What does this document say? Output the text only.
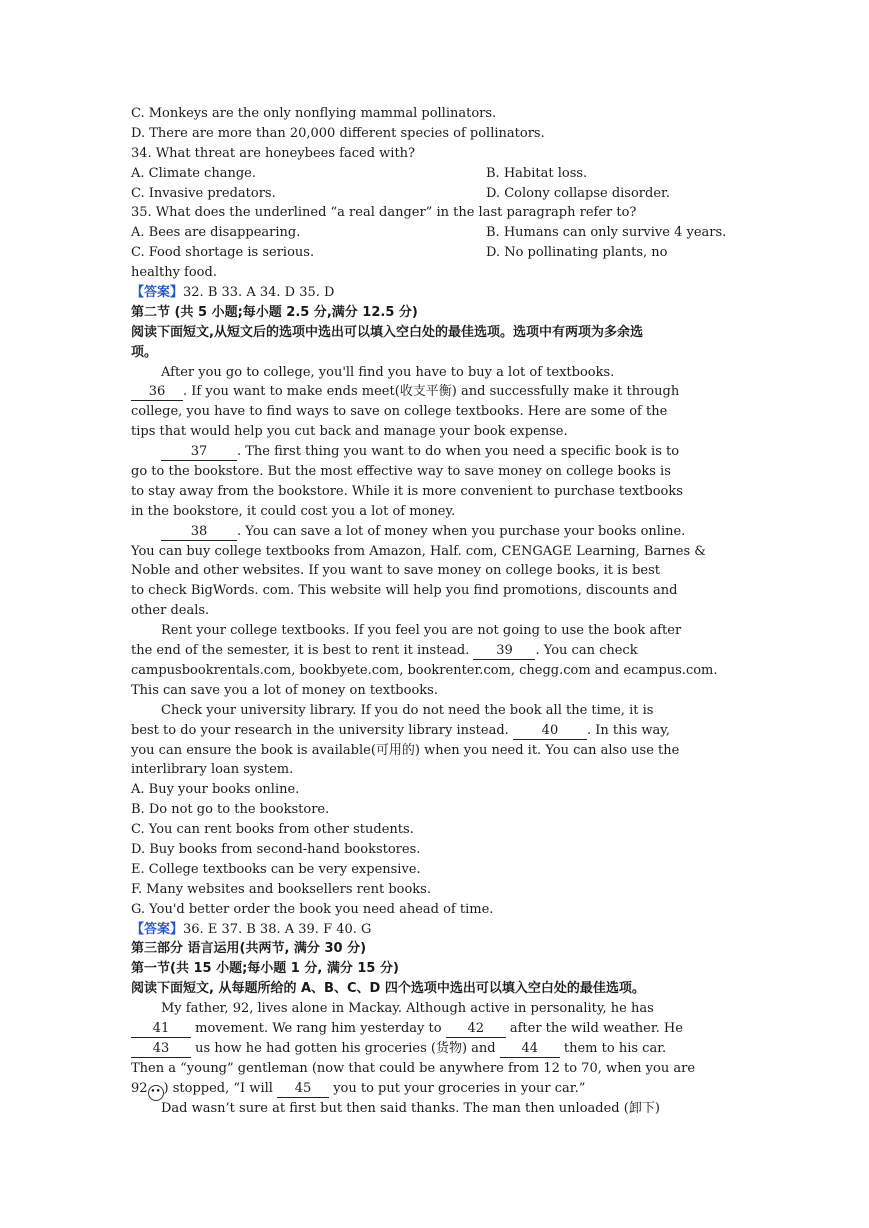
C. Monkeys are the only nonflying mammal pollinators.
D. There are more than 20,000 different species of pollinators.
34. What threat are honeybees faced with?
A. Climate change.	B. Habitat loss.
C. Invasive predators.	D. Colony collapse disorder.
35. What does the underlined “a real danger” in the last paragraph refer to?
A. Bees are disappearing.	B. Humans can only survive 4 years.
C. Food shortage is serious.	D. No pollinating plants, no
healthy food.
【答案】32. B 33. A 34. D 35. D
第二节 (共 5 小题;每小题 2.5 分,满分 12.5 分)
阅读下面短文,从短文后的选项中选出可以填入空白处的最佳选项。选项中有两项为多余选
项。
After you go to college, you'll find you have to buy a lot of textbooks.
36 . If you want to make ends meet(收支平衡) and successfully make it through
college, you have to find ways to save on college textbooks. Here are some of the
tips that would help you cut back and manage your book expense.
37 . The first thing you want to do when you need a specific book is to
go to the bookstore. But the most effective way to save money on college books is
to stay away from the bookstore. While it is more convenient to purchase textbooks
in the bookstore, it could cost you a lot of money.
38 . You can save a lot of money when you purchase your books online.
You can buy college textbooks from Amazon, Half. com, CENGAGE Learning, Barnes &
Noble and other websites. If you want to save money on college books, it is best
to check BigWords. com. This website will help you find promotions, discounts and
other deals.
Rent your college textbooks. If you feel you are not going to use the book after
the end of the semester, it is best to rent it instead. 39 . You can check
campusbookrentals.com, bookbyete.com, bookrenter.com, chegg.com and ecampus.com.
This can save you a lot of money on textbooks.
Check your university library. If you do not need the book all the time, it is
best to do your research in the university library instead.	40 . In this way,
you can ensure the book is available(可用的) when you need it. You can also use the
interlibrary loan system.
A. Buy your books online.
B. Do not go to the bookstore.
C. You can rent books from other students.
D. Buy books from second-hand bookstores.
E. College textbooks can be very expensive.
F. Many websites and booksellers rent books.
G. You'd better order the book you need ahead of time.
【答案】36. E 37. B 38. A 39. F 40. G
第三部分 语言运用(共两节, 满分 30 分)
第一节(共 15 小题;每小题 1 分, 满分 15 分)
阅读下面短文, 从每题所给的 A、B、C、D 四个选项中选出可以填入空白处的最佳选项。
My father, 92, lives alone in Mackay. Although active in personality, he has
41 movement. We rang him yesterday to 42 after the wild weather. He
43 us how he had gotten his groceries (货物) and 44 them to his car.
Then a “young” gentleman (now that could be anywhere from 12 to 70, when you are
92 •• ) stopped, “I will 45 you to put your groceries in your car.”
Dad wasn’t sure at first but then said thanks. The man then unloaded (卸下)
